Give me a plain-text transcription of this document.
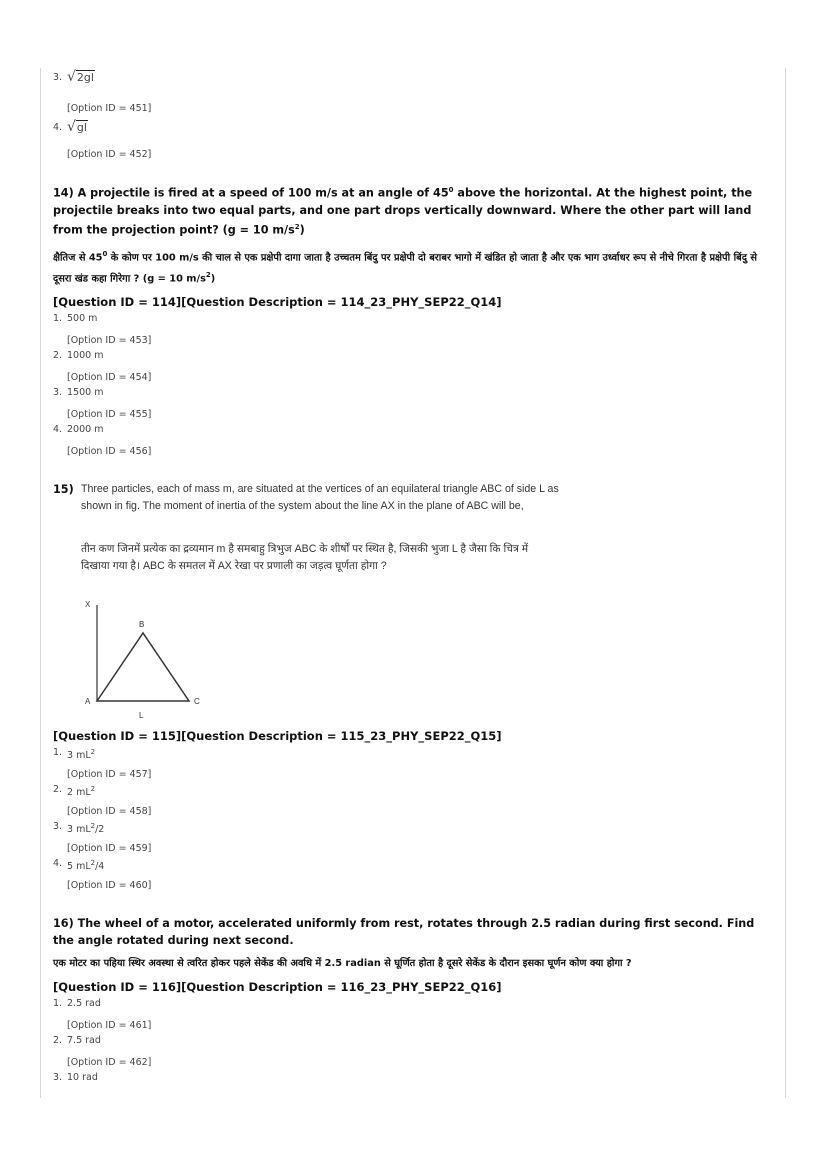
3. √2gl
[Option ID = 451]
4. √gl
[Option ID = 452]
14) A projectile is fired at a speed of 100 m/s at an angle of $45^0$ above the horizontal. At the highest point, the projectile breaks into two equal parts, and one part drops vertically downward. Where the other part will land from the projection point? (g = 10 $m/s^2$)
क्षैतिज से $45^0$ के कोण पर 100 m/s की चाल से एक प्रक्षेपी दागा जाता है उच्चतम बिंदु पर प्रक्षेपी दो बराबर भागो में खंडित हो जाता है और एक भाग उर्ध्वाधर रूप से नीचे गिरता है प्रक्षेपी बिंदु से दूसरा खंड कहा गिरेगा ? (g = 10 $m/s^2$)
[Question ID = 114][Question Description = 114_23_PHY_SEP22_Q14]
1. 500 m
[Option ID = 453]
2. 1000 m
[Option ID = 454]
3. 1500 m
[Option ID = 455]
4. 2000 m
[Option ID = 456]
15) Three particles, each of mass m, are situated at the vertices of an equilateral triangle ABC of side L as shown in fig. The moment of inertia of the system about the line AX in the plane of ABC will be,
तीन कण जिनमें प्रत्येक का द्रव्यमान m है समबाहु त्रिभुज ABC के शीर्षों पर स्थित है, जिसकी भुजा L है जैसा कि चित्र में दिखाया गया है। ABC के समतल में AX रेखा पर प्रणाली का जड़त्व घूर्णता होगा ?
X
B
A	C
L
[Question ID = 115][Question Description = 115_23_PHY_SEP22_Q15]
1. 3 $mL^2$
[Option ID = 457]
2. 2 $mL^2$
[Option ID = 458]
3. 3 $mL^2/2$
[Option ID = 459]
4. 5 $mL^2/4$
[Option ID = 460]
16) The wheel of a motor, accelerated uniformly from rest, rotates through 2.5 radian during first second. Find the angle rotated during next second.
एक मोटर का पहिया स्थिर अवस्था से त्वरित होकर पहले सेकेंड की अवधि में 2.5 radian से घूर्णित होता है दूसरे सेकेंड के दौरान इसका घूर्णन कोण क्या होगा ?
[Question ID = 116][Question Description = 116_23_PHY_SEP22_Q16]
1. 2.5 rad
[Option ID = 461]
2. 7.5 rad
[Option ID = 462]
3. 10 rad
